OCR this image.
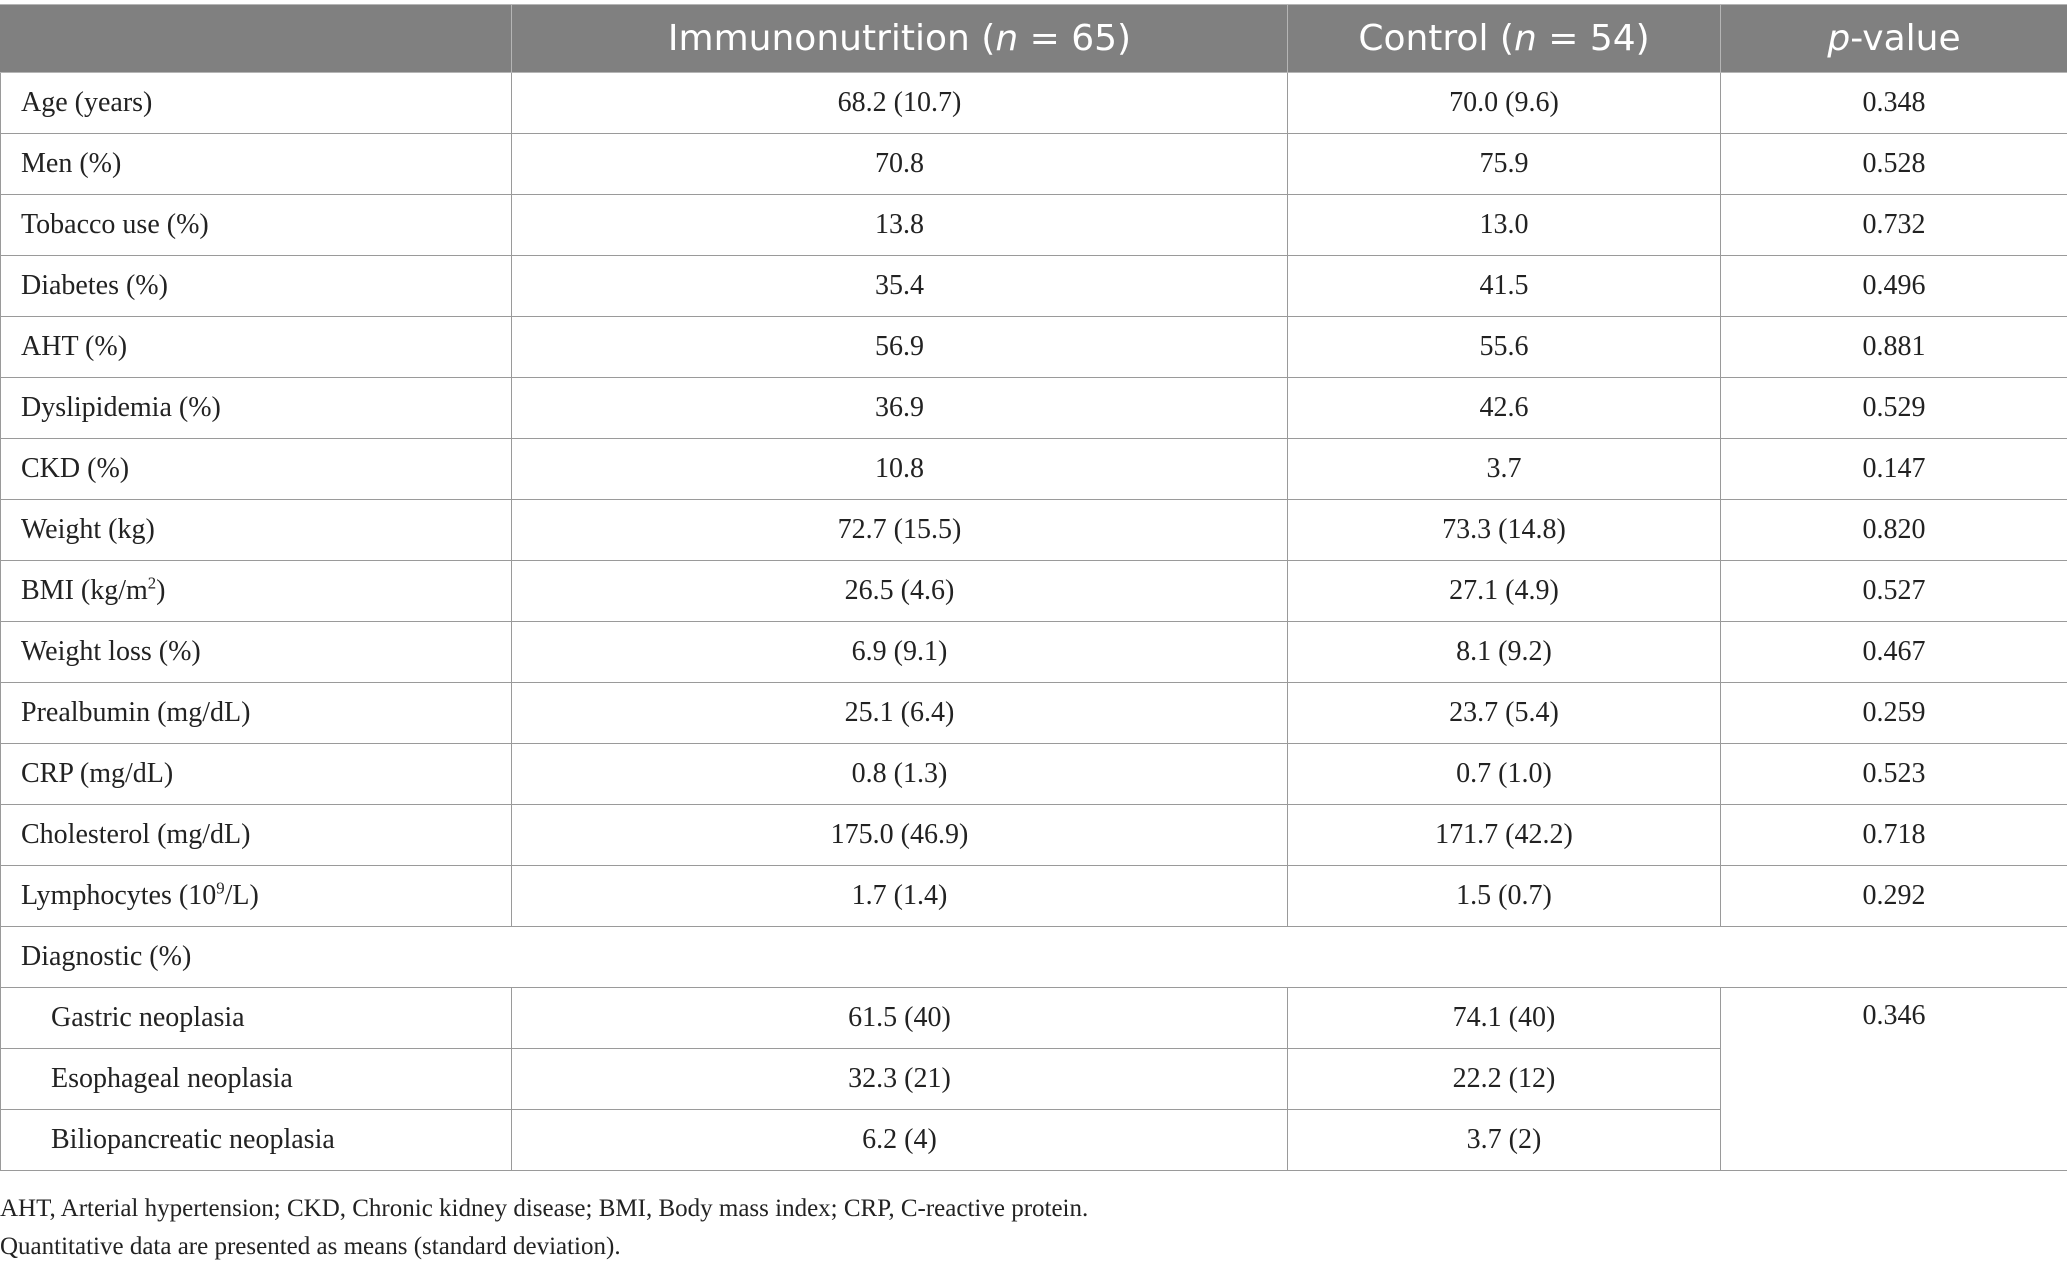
	Immunonutrition (n = 65)	Control (n = 54)	p-value
Age (years)	68.2 (10.7)	70.0 (9.6)	0.348
Men (%)	70.8	75.9	0.528
Tobacco use (%)	13.8	13.0	0.732
Diabetes (%)	35.4	41.5	0.496
AHT (%)	56.9	55.6	0.881
Dyslipidemia (%)	36.9	42.6	0.529
CKD (%)	10.8	3.7	0.147
Weight (kg)	72.7 (15.5)	73.3 (14.8)	0.820
BMI $(kg/m^2)$	26.5 (4.6)	27.1 (4.9)	0.527
Weight loss (%)	6.9 (9.1)	8.1 (9.2)	0.467
Prealbumin (mg/dL)	25.1 (6.4)	23.7 (5.4)	0.259
CRP (mg/dL)	0.8 (1.3)	0.7 (1.0)	0.523
Cholesterol (mg/dL)	175.0 (46.9)	171.7 (42.2)	0.718
Lymphocytes $(10^9/L)$	1.7 (1.4)	1.5 (0.7)	0.292
Diagnostic (%)			
Gastric neoplasia	61.5 (40)	74.1 (40)	0.346
Esophageal neoplasia	32.3 (21)	22.2 (12)	
Biliopancreatic neoplasia	6.2 (4)	3.7 (2)	
AHT, Arterial hypertension; CKD, Chronic kidney disease; BMI, Body mass index; CRP, C-reactive protein.
Quantitative data are presented as means (standard deviation).
